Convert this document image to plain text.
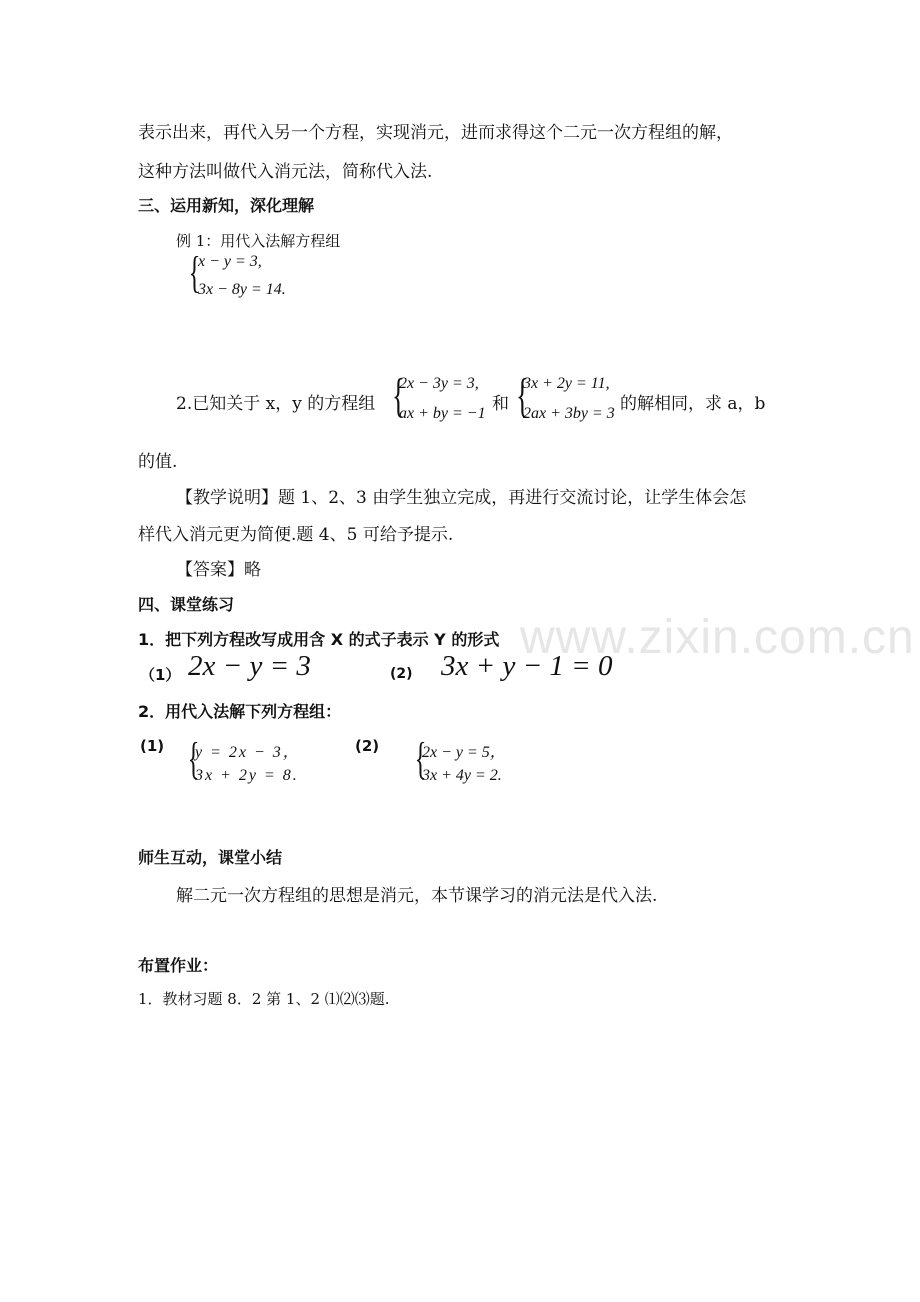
www.zixin.com.cn
表示出来，再代入另一个方程，实现消元，进而求得这个二元一次方程组的解，
这种方法叫做代入消元法，简称代入法.
三、运用新知，深化理解
例 1：用代入法解方程组
{
x − y = 3,
3x − 8y = 14.
2.已知关于 x，y 的方程组 {
2x − 3y = 3,
ax + by = −1 和 {
3x + 2y = 11,
2ax + 3by = 3 的解相同，求 a，b
的值.
【教学说明】题 1、2、3 由学生独立完成，再进行交流讨论，让学生体会怎
样代入消元更为简便.题 4、5 可给予提示.
【答案】略
四、课堂练习
1．把下列方程改写成用含 X 的式子表示 Y 的形式
（1） 2x − y = 3	(2) 3x + y − 1 = 0
2．用代入法解下列方程组：
(1) {
y = 2x − 3，
3x + 2y = 8.
(2) {
2x − y = 5，
3x + 4y = 2.
师生互动，课堂小结
解二元一次方程组的思想是消元，本节课学习的消元法是代入法.
布置作业：
1．教材习题 8．2 第 1、2 ⑴⑵⑶题.
